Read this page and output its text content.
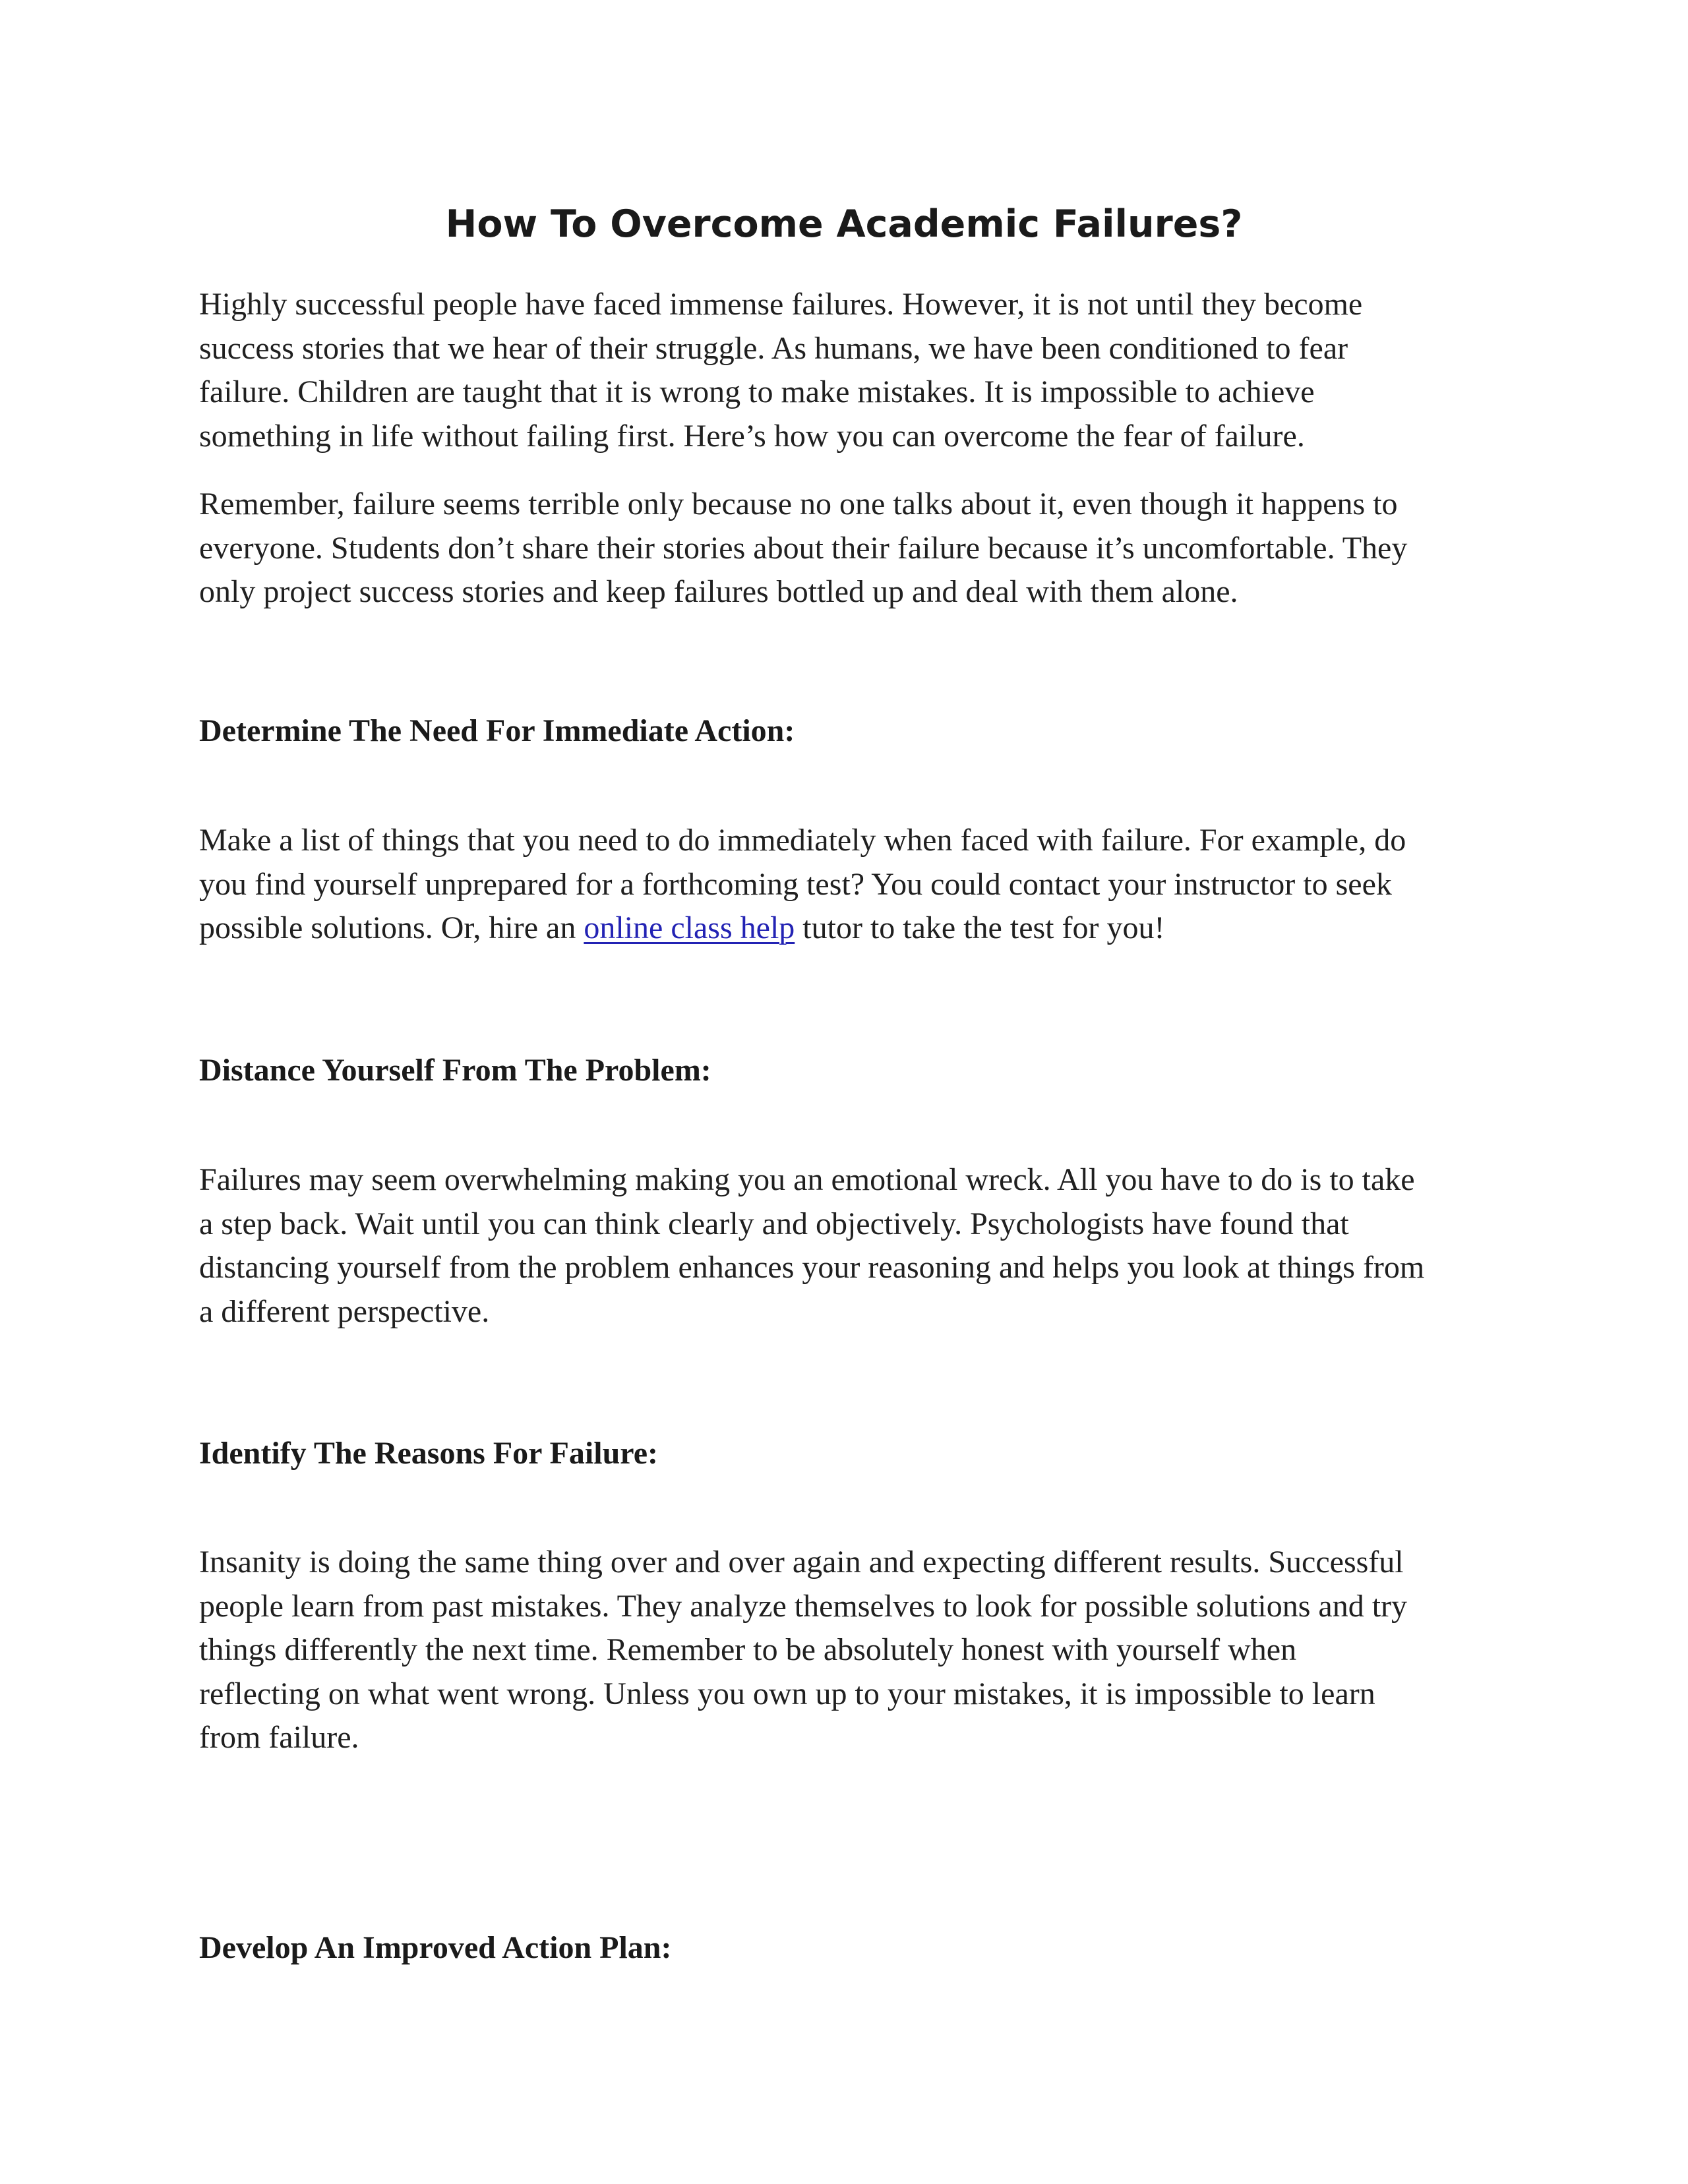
How To Overcome Academic Failures?

Highly successful people have faced immense failures. However, it is not until they become
success stories that we hear of their struggle. As humans, we have been conditioned to fear
failure. Children are taught that it is wrong to make mistakes. It is impossible to achieve
something in life without failing first. Here’s how you can overcome the fear of failure.

Remember, failure seems terrible only because no one talks about it, even though it happens to
everyone. Students don’t share their stories about their failure because it’s uncomfortable. They
only project success stories and keep failures bottled up and deal with them alone.

Determine The Need For Immediate Action:

Make a list of things that you need to do immediately when faced with failure. For example, do
you find yourself unprepared for a forthcoming test? You could contact your instructor to seek
possible solutions. Or, hire an online class help tutor to take the test for you!

Distance Yourself From The Problem:

Failures may seem overwhelming making you an emotional wreck. All you have to do is to take
a step back. Wait until you can think clearly and objectively. Psychologists have found that
distancing yourself from the problem enhances your reasoning and helps you look at things from
a different perspective.

Identify The Reasons For Failure:

Insanity is doing the same thing over and over again and expecting different results. Successful
people learn from past mistakes. They analyze themselves to look for possible solutions and try
things differently the next time. Remember to be absolutely honest with yourself when
reflecting on what went wrong. Unless you own up to your mistakes, it is impossible to learn
from failure.

Develop An Improved Action Plan:
